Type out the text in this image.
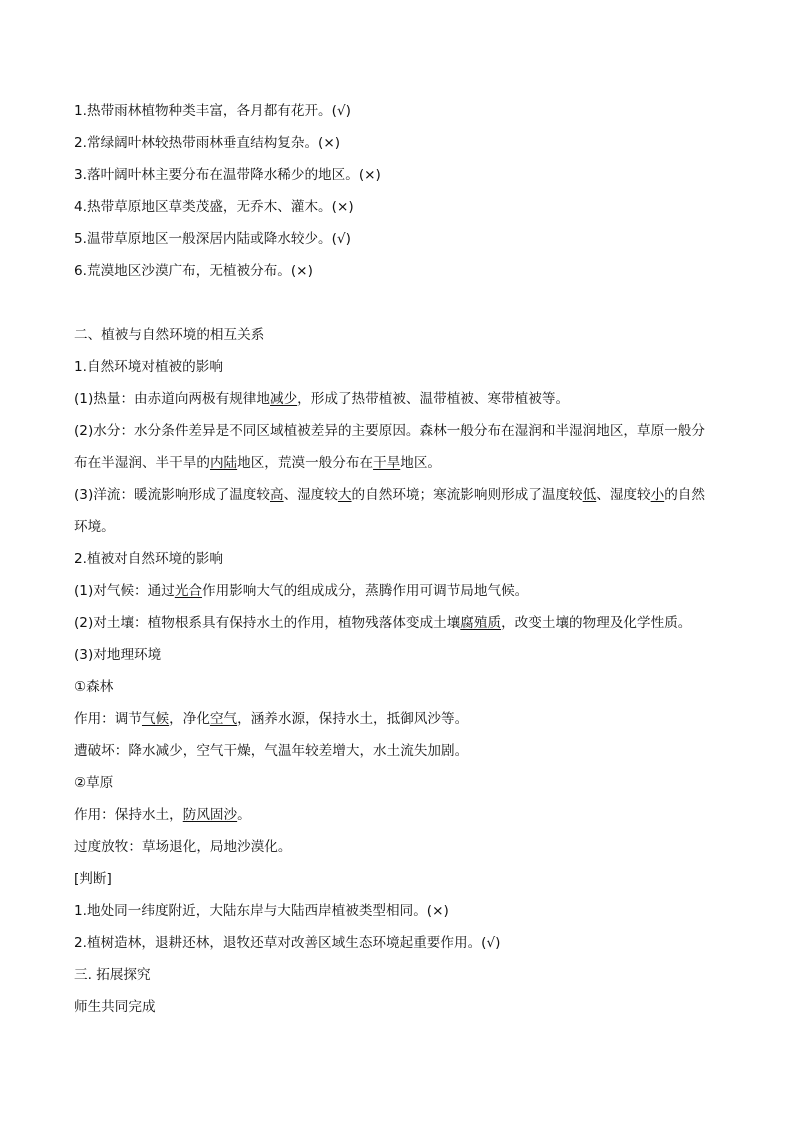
1.热带雨林植物种类丰富，各月都有花开。(√)
2.常绿阔叶林较热带雨林垂直结构复杂。(×)
3.落叶阔叶林主要分布在温带降水稀少的地区。(×)
4.热带草原地区草类茂盛，无乔木、灌木。(×)
5.温带草原地区一般深居内陆或降水较少。(√)
6.荒漠地区沙漠广布，无植被分布。(×)
二、植被与自然环境的相互关系
1.自然环境对植被的影响
(1)热量：由赤道向两极有规律地减少，形成了热带植被、温带植被、寒带植被等。
(2)水分：水分条件差异是不同区域植被差异的主要原因。森林一般分布在湿润和半湿润地区，草原一般分
布在半湿润、半干旱的内陆地区，荒漠一般分布在干旱地区。
(3)洋流：暖流影响形成了温度较高、湿度较大的自然环境；寒流影响则形成了温度较低、湿度较小的自然
环境。
2.植被对自然环境的影响
(1)对气候：通过光合作用影响大气的组成成分，蒸腾作用可调节局地气候。
(2)对土壤：植物根系具有保持水土的作用，植物残落体变成土壤腐殖质，改变土壤的物理及化学性质。
(3)对地理环境
①森林
作用：调节气候，净化空气，涵养水源，保持水土，抵御风沙等。
遭破坏：降水减少，空气干燥，气温年较差增大，水土流失加剧。
②草原
作用：保持水土，防风固沙。
过度放牧：草场退化，局地沙漠化。
[判断]
1.地处同一纬度附近，大陆东岸与大陆西岸植被类型相同。(×)
2.植树造林，退耕还林，退牧还草对改善区域生态环境起重要作用。(√)
三. 拓展探究
师生共同完成
